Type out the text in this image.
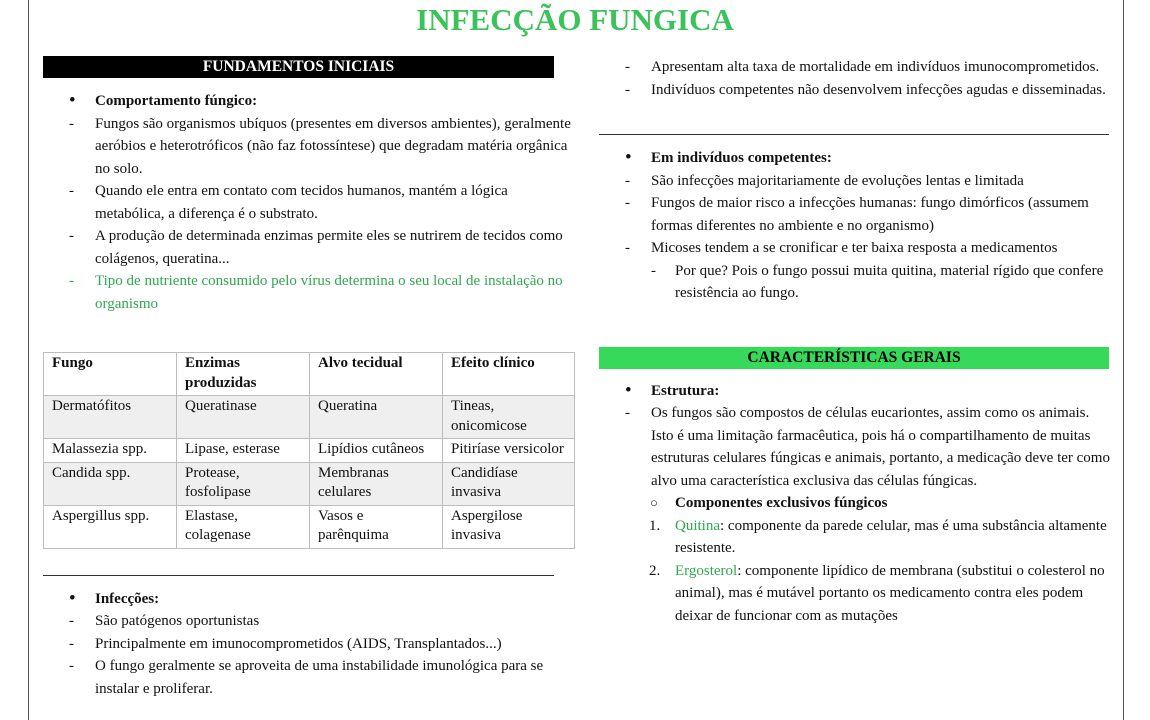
INFECÇÃO FUNGICA
FUNDAMENTOS INICIAIS
•	Comportamento fúngico:
-	Fungos são organismos ubíquos (presentes em diversos ambientes), geralmente aeróbios e heterotróficos (não faz fotossíntese) que degradam matéria orgânica no solo.
-	Quando ele entra em contato com tecidos humanos, mantém a lógica metabólica, a diferença é o substrato.
-	A produção de determinada enzimas permite eles se nutrirem de tecidos como colágenos, queratina...
-	Tipo de nutriente consumido pelo vírus determina o seu local de instalação no organismo
Fungo	Enzimas produzidas	Alvo tecidual	Efeito clínico
Dermatófitos	Queratinase	Queratina	Tineas, onicomicose
Malassezia spp.	Lipase, esterase	Lipídios cutâneos	Pitiríase versicolor
Candida spp.	Protease, fosfolipase	Membranas celulares	Candidíase invasiva
Aspergillus spp.	Elastase, colagenase	Vasos e parênquima	Aspergilose invasiva
•	Infecções:
-	São patógenos oportunistas
-	Principalmente em imunocomprometidos (AIDS, Transplantados...)
-	O fungo geralmente se aproveita de uma instabilidade imunológica para se instalar e proliferar.
-	Apresentam alta taxa de mortalidade em indivíduos imunocomprometidos.
-	Indivíduos competentes não desenvolvem infecções agudas e disseminadas.
•	Em indivíduos competentes:
-	São infecções majoritariamente de evoluções lentas e limitada
-	Fungos de maior risco a infecções humanas: fungo dimórficos (assumem formas diferentes no ambiente e no organismo)
-	Micoses tendem a se cronificar e ter baixa resposta a medicamentos
-	Por que? Pois o fungo possui muita quitina, material rígido que confere resistência ao fungo.
CARACTERÍSTICAS GERAIS
•	Estrutura:
-	Os fungos são compostos de células eucariontes, assim como os animais. Isto é uma limitação farmacêutica, pois há o compartilhamento de muitas estruturas celulares fúngicas e animais, portanto, a medicação deve ter como alvo uma característica exclusiva das células fúngicas.
○	Componentes exclusivos fúngicos
1. Quitina: componente da parede celular, mas é uma substância altamente resistente.
2. Ergosterol: componente lipídico de membrana (substitui o colesterol no animal), mas é mutável portanto os medicamento contra eles podem deixar de funcionar com as mutações
